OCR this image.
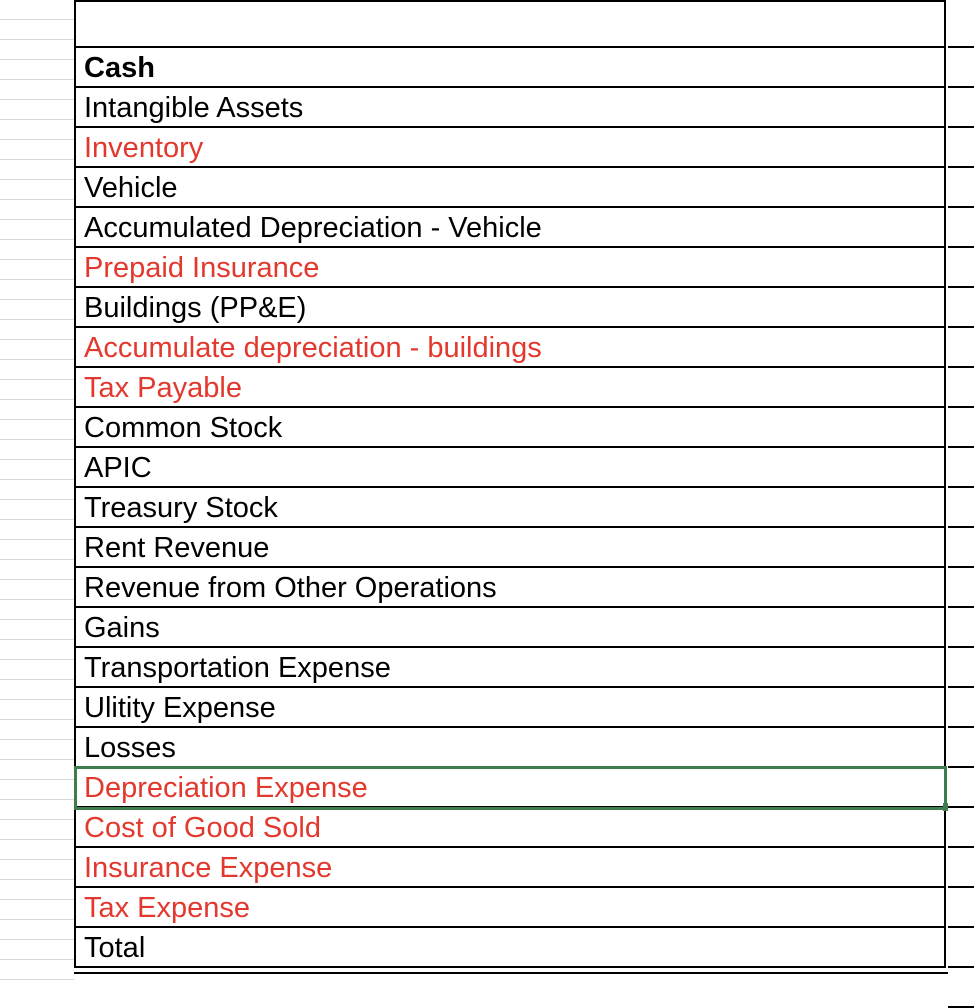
Cash
Intangible Assets
Inventory
Vehicle
Accumulated Depreciation - Vehicle
Prepaid Insurance
Buildings (PP&E)
Accumulate depreciation - buildings
Tax Payable
Common Stock
APIC
Treasury Stock
Rent Revenue
Revenue from Other Operations
Gains
Transportation Expense
Ulitity Expense
Losses
Depreciation Expense
Cost of Good Sold
Insurance Expense
Tax Expense
Total
